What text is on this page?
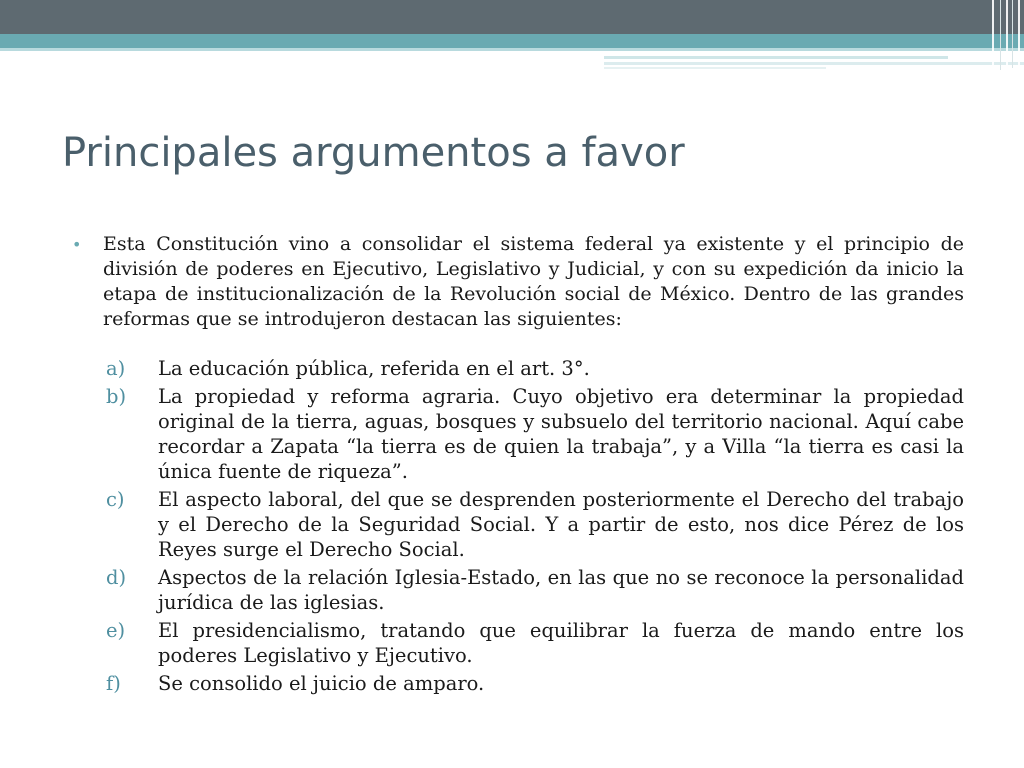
Principales argumentos a favor
• Esta Constitución vino a consolidar el sistema federal ya existente y el principio de división de poderes en Ejecutivo, Legislativo y Judicial, y con su expedición da inicio la etapa de institucionalización de la Revolución social de México. Dentro de las grandes reformas que se introdujeron destacan las siguientes:

a) La educación pública, referida en el art. 3°.
b) La propiedad y reforma agraria. Cuyo objetivo era determinar la propiedad original de la tierra, aguas, bosques y subsuelo del territorio nacional. Aquí cabe recordar a Zapata “la tierra es de quien la trabaja”, y a Villa “la tierra es casi la única fuente de riqueza”.
c) El aspecto laboral, del que se desprenden posteriormente el Derecho del trabajo y el Derecho de la Seguridad Social. Y a partir de esto, nos dice Pérez de los Reyes surge el Derecho Social.
d) Aspectos de la relación Iglesia-Estado, en las que no se reconoce la personalidad jurídica de las iglesias.
e) El presidencialismo, tratando que equilibrar la fuerza de mando entre los poderes Legislativo y Ejecutivo.
f) Se consolido el juicio de amparo.
